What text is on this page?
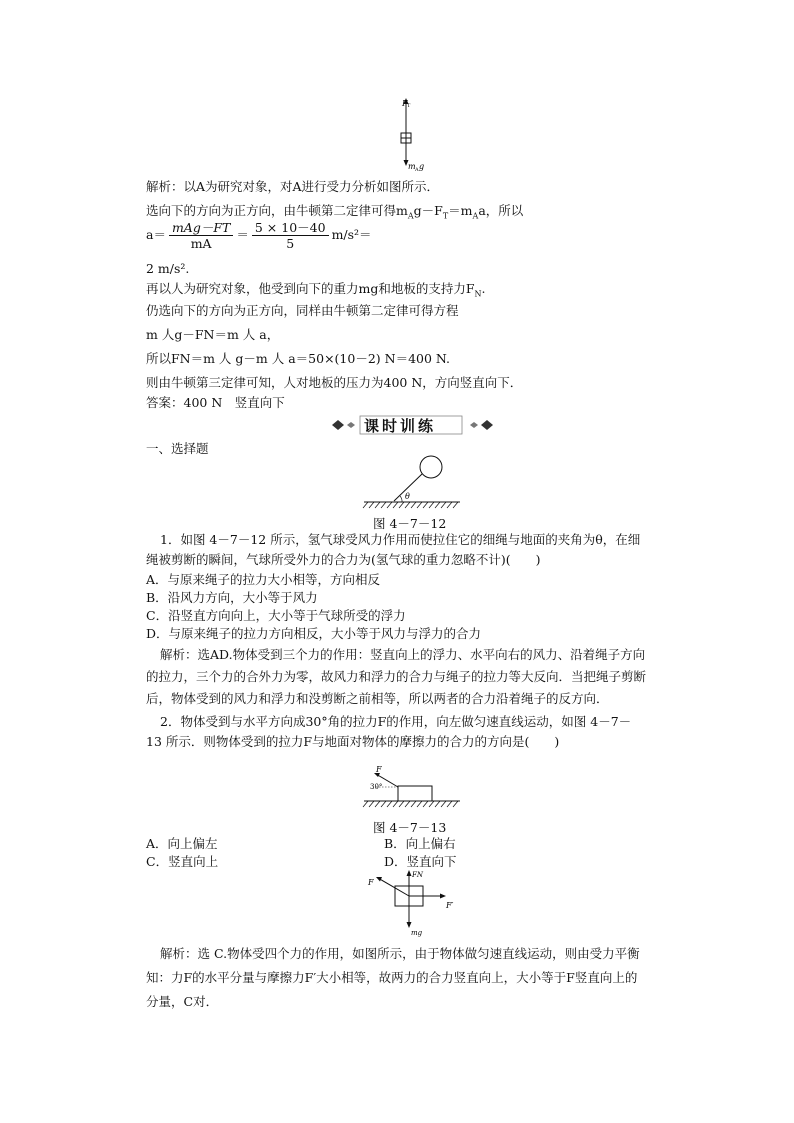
F T
m A g
解析：以A为研究对象，对A进行受力分析如图所示．
选向下的方向为正方向，由牛顿第二定律可得$m_Ag-F_T=m_Aa$，所以
$a= \frac{\text{mAg－FT}}{mA} = \frac{5 \times 10-40}{5} m/s^2=$
2 m/s².
再以人为研究对象，他受到向下的重力mg和地板的支持力$F_N$.
仍选向下的方向为正方向，同样由牛顿第二定律可得方程
m 人g－FN＝m 人 a，
所以FN＝m 人 g－m 人 a＝50×(10－2) N＝400 N.
则由牛顿第三定律可知，人对地板的压力为400 N，方向竖直向下．
答案：400 N　竖直向下
课时训练
一、选择题
θ
图 4－7－12
1．如图 4－7－12 所示，氢气球受风力作用而使拉住它的细绳与地面的夹角为θ，在细绳被剪断的瞬间，气球所受外力的合力为(氢气球的重力忽略不计)(　　)
A．与原来绳子的拉力大小相等，方向相反
B．沿风力方向，大小等于风力
C．沿竖直方向向上，大小等于气球所受的浮力
D．与原来绳子的拉力方向相反，大小等于风力与浮力的合力
解析：选AD.物体受到三个力的作用：竖直向上的浮力、水平向右的风力、沿着绳子方向的拉力，三个力的合外力为零，故风力和浮力的合力与绳子的拉力等大反向．当把绳子剪断后，物体受到的风力和浮力和没剪断之前相等，所以两者的合力沿着绳子的反方向．
2．物体受到与水平方向成30°角的拉力F的作用，向左做匀速直线运动，如图 4－7－13 所示．则物体受到的拉力F与地面对物体的摩擦力的合力的方向是(　　)
F
30°
图 4－7－13
A．向上偏左	B．向上偏右
C．竖直向上	D．竖直向下
F
FN
F′
mg
解析：选 C.物体受四个力的作用，如图所示，由于物体做匀速直线运动，则由受力平衡知：力F的水平分量与摩擦力F′大小相等，故两力的合力竖直向上，大小等于F竖直向上的分量，C对．
